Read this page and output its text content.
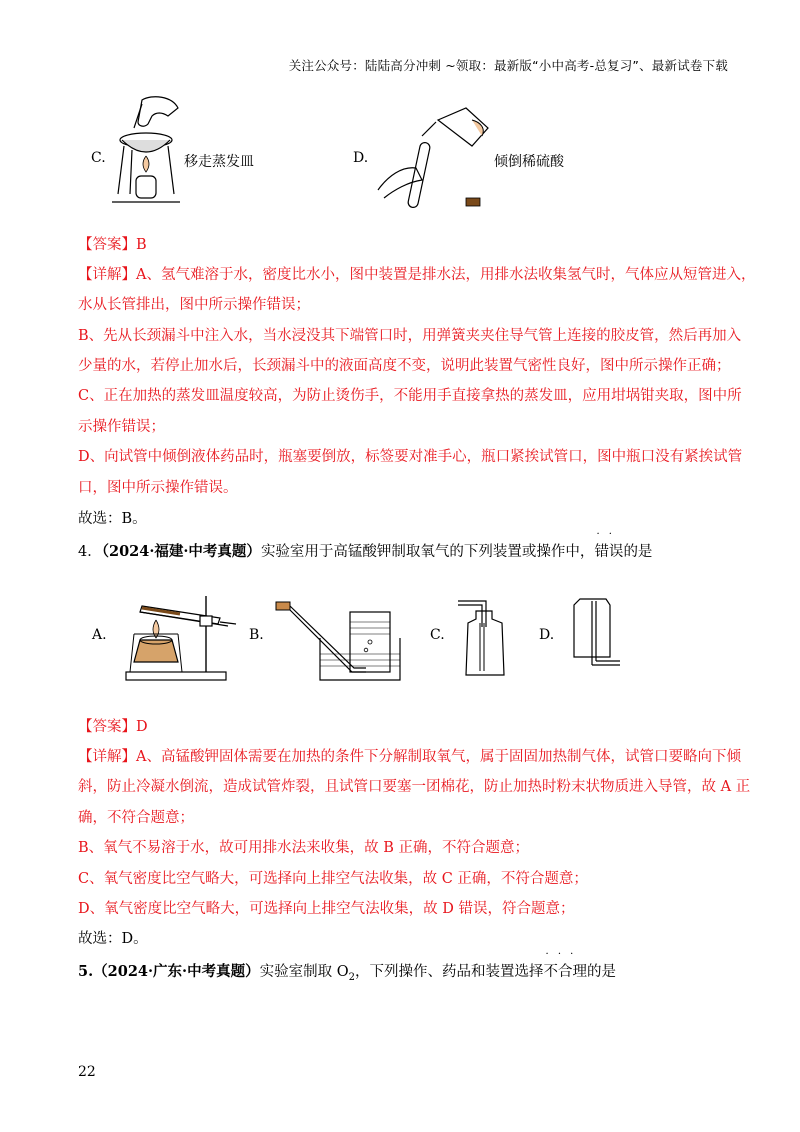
关注公众号：陆陆高分冲刺 ~领取：最新版“小中高考-总复习”、最新试卷下载
C.	移走蒸发皿	D.	倾倒稀硫酸
【答案】B
【详解】A、氢气难溶于水，密度比水小，图中装置是排水法，用排水法收集氢气时，气体应从短管进入，
水从长管排出，图中所示操作错误；
B、先从长颈漏斗中注入水，当水浸没其下端管口时，用弹簧夹夹住导气管上连接的胶皮管，然后再加入
少量的水，若停止加水后，长颈漏斗中的液面高度不变，说明此装置气密性良好，图中所示操作正确；
C、正在加热的蒸发皿温度较高，为防止烫伤手，不能用手直接拿热的蒸发皿，应用坩埚钳夹取，图中所
示操作错误；
D、向试管中倾倒液体药品时，瓶塞要倒放，标签要对准手心，瓶口紧挨试管口，图中瓶口没有紧挨试管
口，图中所示操作错误。
故选：B。
4．（2024·福建·中考真题）实验室用于高锰酸钾制取氧气的下列装置或操作中，· · 错误的是
A.	B.	C.	D.
【答案】D
【详解】A、高锰酸钾固体需要在加热的条件下分解制取氧气，属于固固加热制气体，试管口要略向下倾
斜，防止冷凝水倒流，造成试管炸裂，且试管口要塞一团棉花，防止加热时粉末状物质进入导管，故 A 正
确，不符合题意；
B、氧气不易溶于水，故可用排水法来收集，故 B 正确，不符合题意；
C、氧气密度比空气略大，可选择向上排空气法收集，故 C 正确，不符合题意；
D、氧气密度比空气略大，可选择向上排空气法收集，故 D 错误，符合题意；
故选：D。
5.（2024·广东·中考真题）实验室制取 $O_2$，下列操作、药品和装置选择· · · 不合理的是
22
